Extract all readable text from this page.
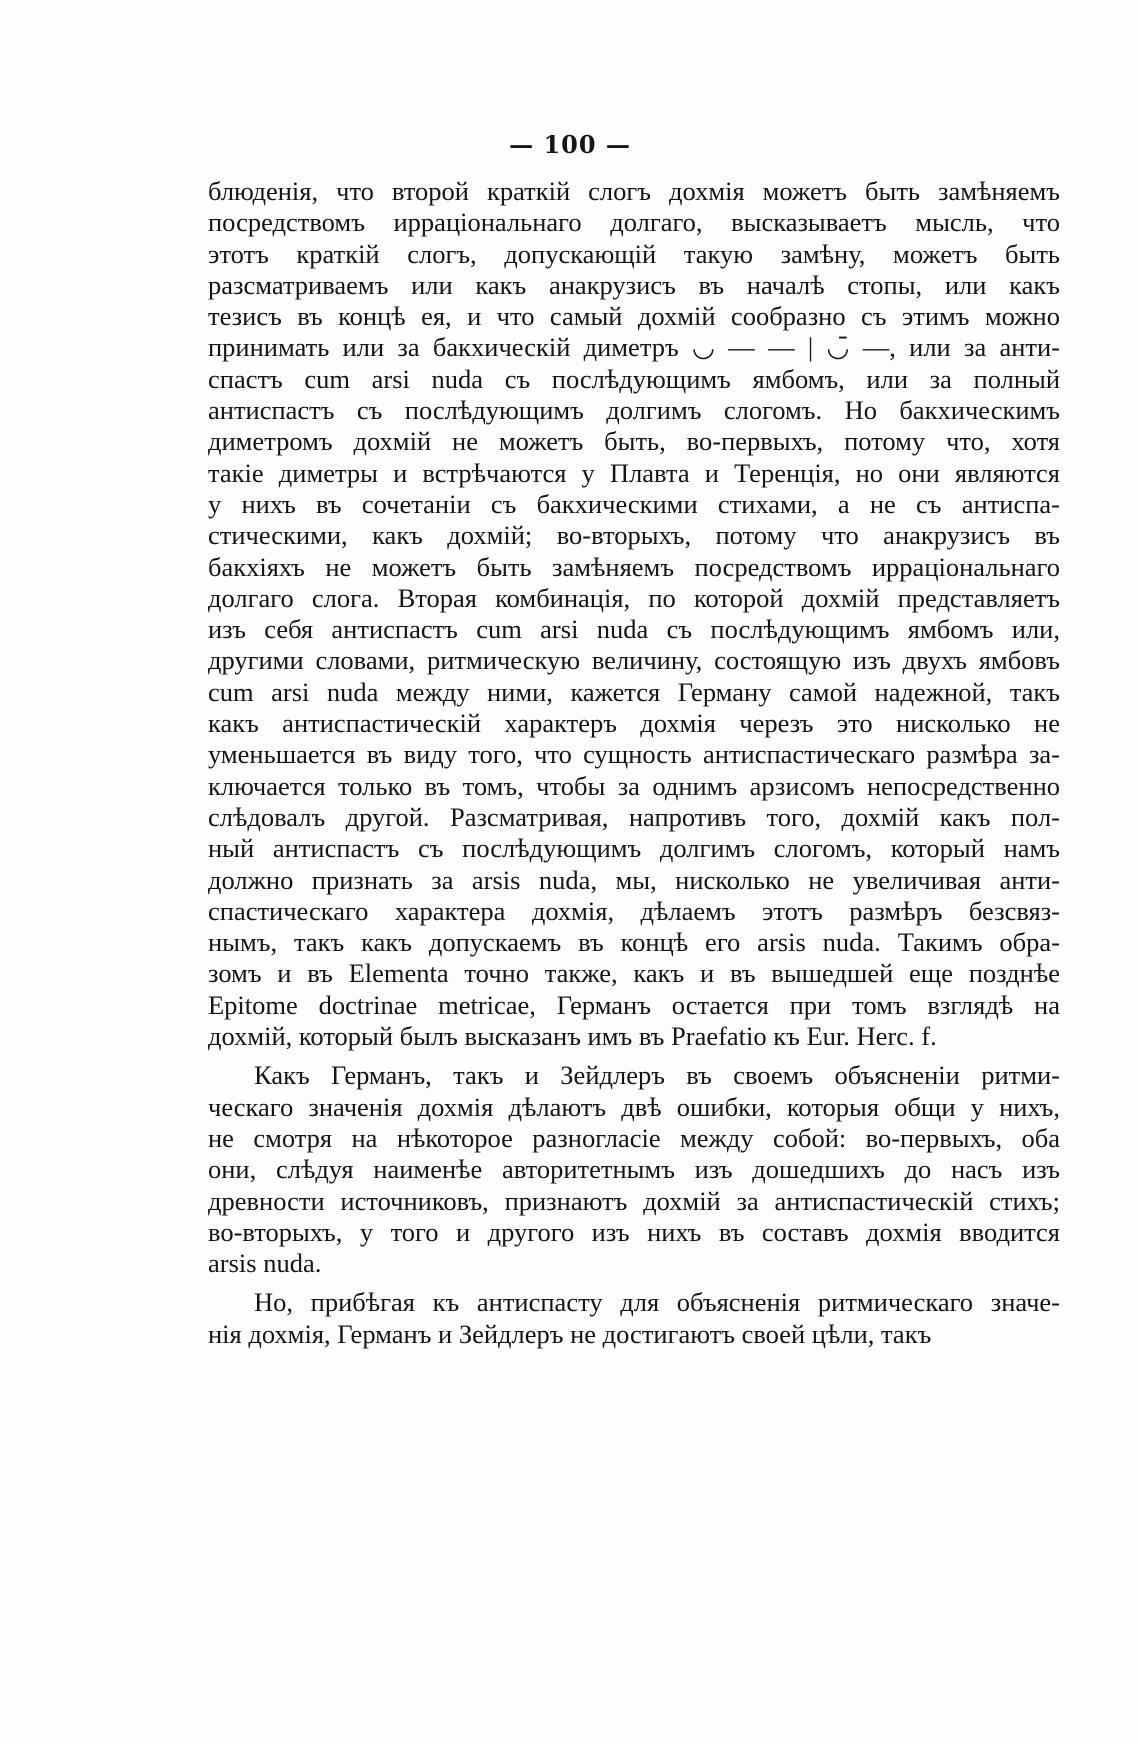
— 100 —
блюденія, что второй краткій слогъ дохмія можетъ быть замѣняемъ
посредствомъ ирраціональнаго долгаго, высказываетъ мысль, что
этотъ краткій слогъ, допускающій такую замѣну, можетъ быть
разсматриваемъ или какъ анакрузисъ въ началѣ стопы, или какъ
тезисъ въ концѣ ея, и что самый дохмій сообразно съ этимъ можно
принимать или за бакхическій диметръ ◡ — — | ◡̄ —, или за анти-
спастъ cum arsi nuda съ послѣдующимъ ямбомъ, или за полный
антиспастъ съ послѣдующимъ долгимъ слогомъ. Но бакхическимъ
диметромъ дохмій не можетъ быть, во-первыхъ, потому что, хотя
такіе диметры и встрѣчаются у Плавта и Теренція, но они являются
у нихъ въ сочетаніи съ бакхическими стихами, а не съ антиспа-
стическими, какъ дохмій; во-вторыхъ, потому что анакрузисъ въ
бакхіяхъ не можетъ быть замѣняемъ посредствомъ ирраціональнаго
долгаго слога. Вторая комбинація, по которой дохмій представляетъ
изъ себя антиспастъ cum arsi nuda съ послѣдующимъ ямбомъ или,
другими словами, ритмическую величину, состоящую изъ двухъ ямбовъ
cum arsi nuda между ними, кажется Герману самой надежной, такъ
какъ антиспастическій характеръ дохмія черезъ это нисколько не
уменьшается въ виду того, что сущность антиспастическаго размѣра за-
ключается только въ томъ, чтобы за однимъ арзисомъ непосредственно
слѣдовалъ другой. Разсматривая, напротивъ того, дохмій какъ пол-
ный антиспастъ съ послѣдующимъ долгимъ слогомъ, который намъ
должно признать за arsis nuda, мы, нисколько не увеличивая анти-
спастическаго характера дохмія, дѣлаемъ этотъ размѣръ безсвяз-
нымъ, такъ какъ допускаемъ въ концѣ его arsis nuda. Такимъ обра-
зомъ и въ Elementa точно также, какъ и въ вышедшей еще позднѣе
Epitome doctrinae metricae, Германъ остается при томъ взглядѣ на
дохмій, который былъ высказанъ имъ въ Praefatio къ Eur. Herc. f.
Какъ Германъ, такъ и Зейдлеръ въ своемъ объясненіи ритми-
ческаго значенія дохмія дѣлаютъ двѣ ошибки, которыя общи у нихъ,
не смотря на нѣкоторое разногласіе между собой: во-первыхъ, оба
они, слѣдуя наименѣе авторитетнымъ изъ дошедшихъ до насъ изъ
древности источниковъ, признаютъ дохмій за антиспастическій стихъ;
во-вторыхъ, у того и другого изъ нихъ въ составъ дохмія вводится
arsis nuda.
Но, прибѣгая къ антиспасту для объясненія ритмическаго значе-
нія дохмія, Германъ и Зейдлеръ не достигаютъ своей цѣли, такъ
